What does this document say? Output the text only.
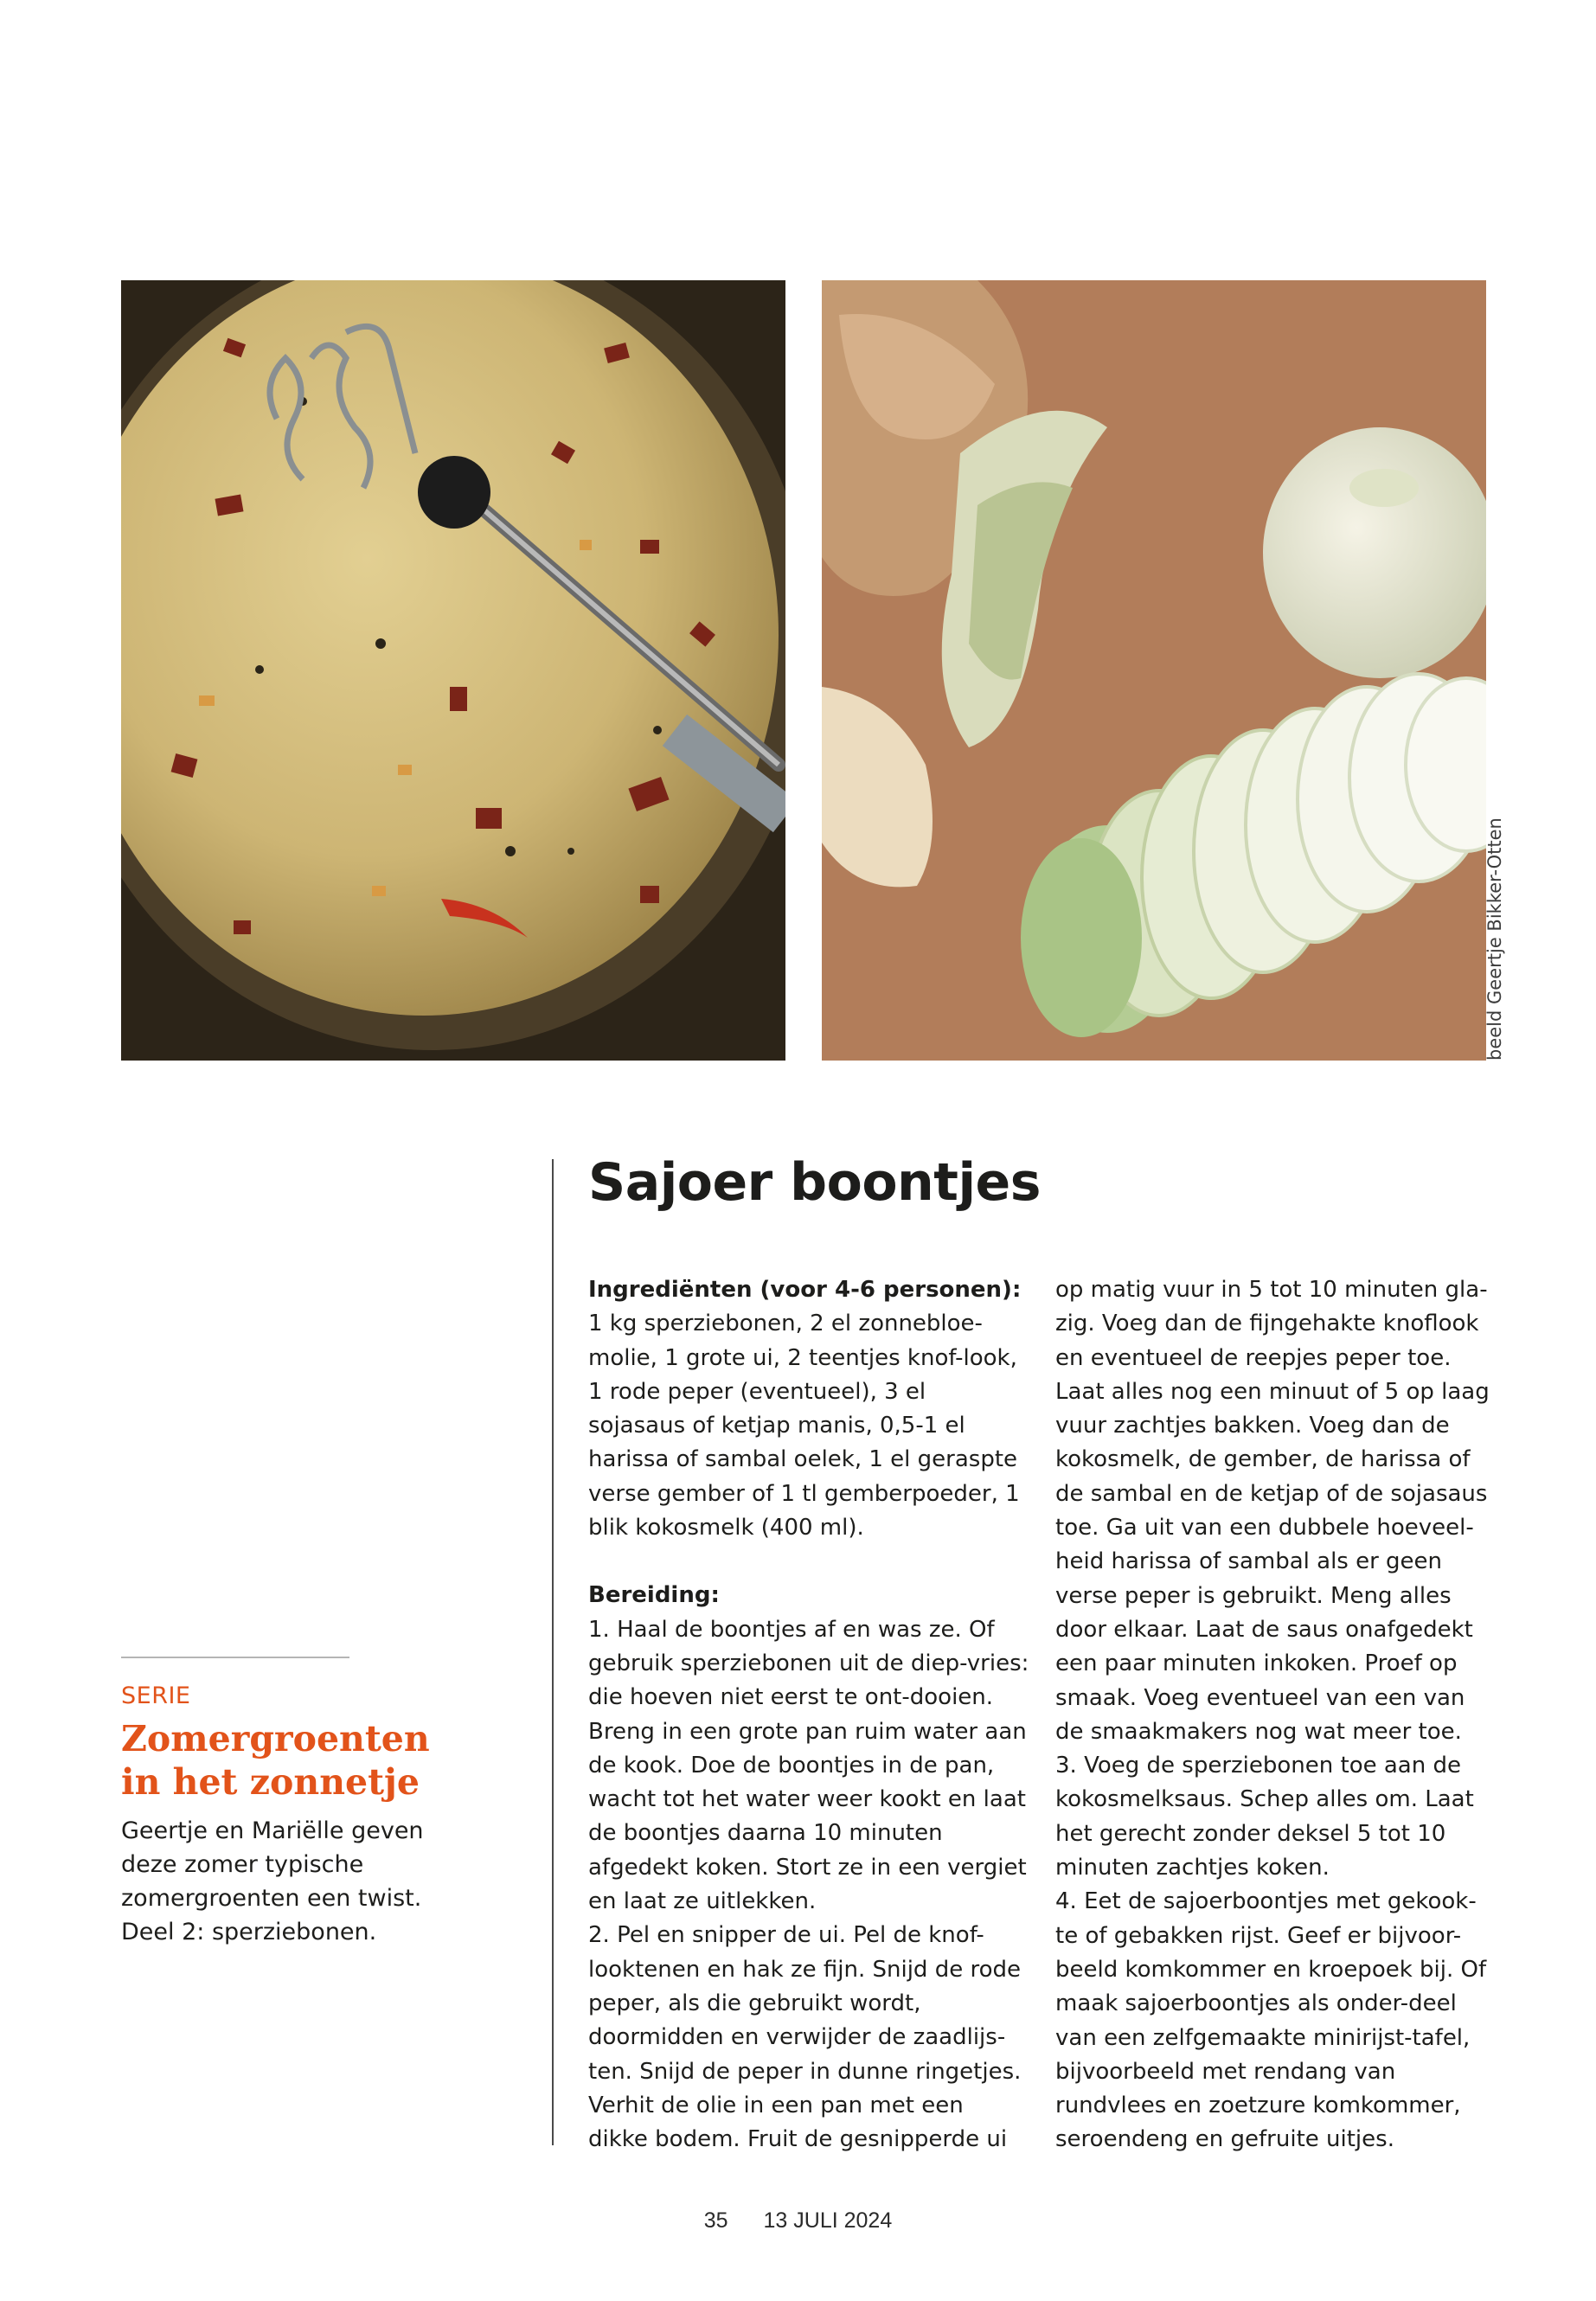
beeld Geertje Bikker-Otten
Sajoer boontjes

Ingrediënten (voor 4-6 personen):

1 kg sperziebonen, 2 el zonnebloe-molie, 1 grote ui, 2 teentjes knof-look, 1 rode peper (eventueel), 3 el sojasaus of ketjap manis, 0,5-1 el harissa of sambal oelek, 1 el geraspte verse gember of 1 tl gemberpoeder, 1 blik kokosmelk (400 ml).

Bereiding:

1. Haal de boontjes af en was ze. Of gebruik sperziebonen uit de diep-vries: die hoeven niet eerst te ont-dooien. Breng in een grote pan ruim water aan de kook. Doe de boontjes in de pan, wacht tot het water weer kookt en laat de boontjes daarna 10 minuten afgedekt koken. Stort ze in een vergiet en laat ze uitlekken.

2. Pel en snipper de ui. Pel de knof-looktenen en hak ze fijn. Snijd de rode peper, als die gebruikt wordt, doormidden en verwijder de zaadlijs-ten. Snijd de peper in dunne ringetjes. Verhit de olie in een pan met een dikke bodem. Fruit de gesnipperde ui

op matig vuur in 5 tot 10 minuten gla-zig. Voeg dan de fijngehakte knoflook en eventueel de reepjes peper toe. Laat alles nog een minuut of 5 op laag vuur zachtjes bakken. Voeg dan de kokosmelk, de gember, de harissa of de sambal en de ketjap of de sojasaus toe. Ga uit van een dubbele hoeveel-heid harissa of sambal als er geen verse peper is gebruikt. Meng alles door elkaar. Laat de saus onafgedekt een paar minuten inkoken. Proef op smaak. Voeg eventueel van een van de smaakmakers nog wat meer toe.

3. Voeg de sperziebonen toe aan de kokosmelksaus. Schep alles om. Laat het gerecht zonder deksel 5 tot 10 minuten zachtjes koken.

4. Eet de sajoerboontjes met gekook-te of gebakken rijst. Geef er bijvoor-beeld komkommer en kroepoek bij. Of maak sajoerboontjes als onder-deel van een zelfgemaakte minirijst-tafel, bijvoorbeeld met rendang van rundvlees en zoetzure komkommer, seroendeng en gefruite uitjes.

SERIE
Zomergroenten in het zonnetje

Geertje en Mariëlle geven deze zomer typische zomergroenten een twist. Deel 2: sperziebonen.

35 13 JULI 2024
